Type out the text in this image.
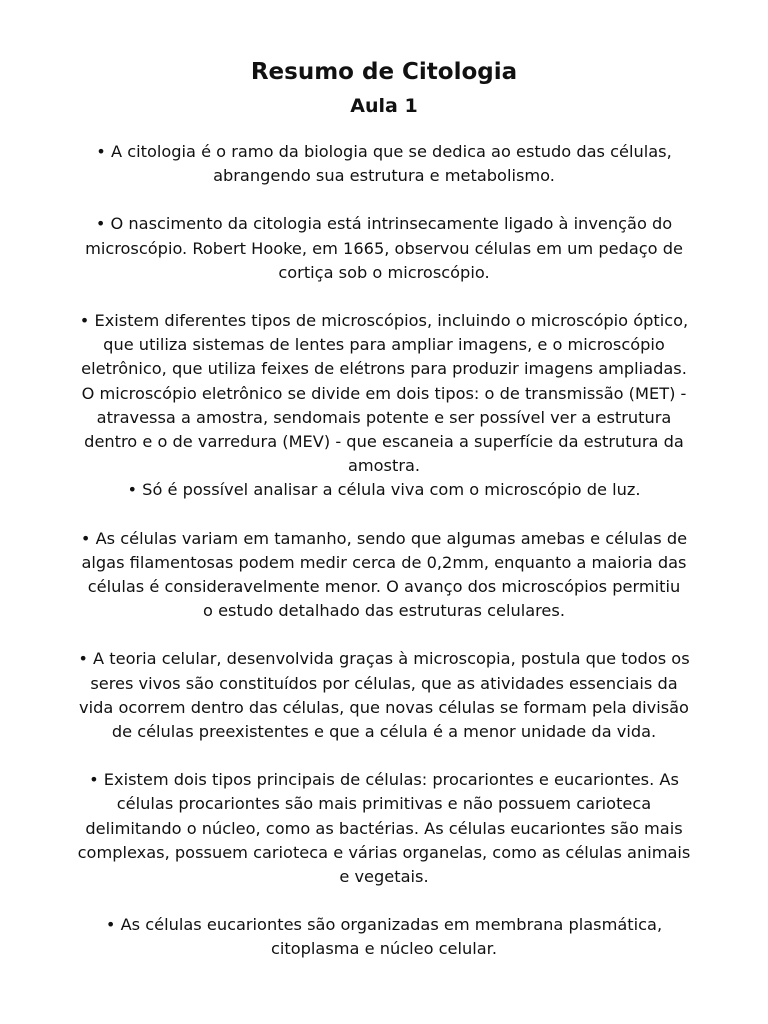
Resumo de Citologia
Aula 1

• A citologia é o ramo da biologia que se dedica ao estudo das células,
abrangendo sua estrutura e metabolismo.

• O nascimento da citologia está intrinsecamente ligado à invenção do
microscópio. Robert Hooke, em 1665, observou células em um pedaço de
cortiça sob o microscópio.

• Existem diferentes tipos de microscópios, incluindo o microscópio óptico,
que utiliza sistemas de lentes para ampliar imagens, e o microscópio
eletrônico, que utiliza feixes de elétrons para produzir imagens ampliadas.
O microscópio eletrônico se divide em dois tipos: o de transmissão (MET) -
atravessa a amostra, sendomais potente e ser possível ver a estrutura
dentro e o de varredura (MEV) - que escaneia a superfície da estrutura da
amostra.

• Só é possível analisar a célula viva com o microscópio de luz.

• As células variam em tamanho, sendo que algumas amebas e células de
algas filamentosas podem medir cerca de 0,2mm, enquanto a maioria das
células é consideravelmente menor. O avanço dos microscópios permitiu
o estudo detalhado das estruturas celulares.

• A teoria celular, desenvolvida graças à microscopia, postula que todos os
seres vivos são constituídos por células, que as atividades essenciais da
vida ocorrem dentro das células, que novas células se formam pela divisão
de células preexistentes e que a célula é a menor unidade da vida.

• Existem dois tipos principais de células: procariontes e eucariontes. As
células procariontes são mais primitivas e não possuem carioteca
delimitando o núcleo, como as bactérias. As células eucariontes são mais
complexas, possuem carioteca e várias organelas, como as células animais
e vegetais.

• As células eucariontes são organizadas em membrana plasmática,
citoplasma e núcleo celular.
